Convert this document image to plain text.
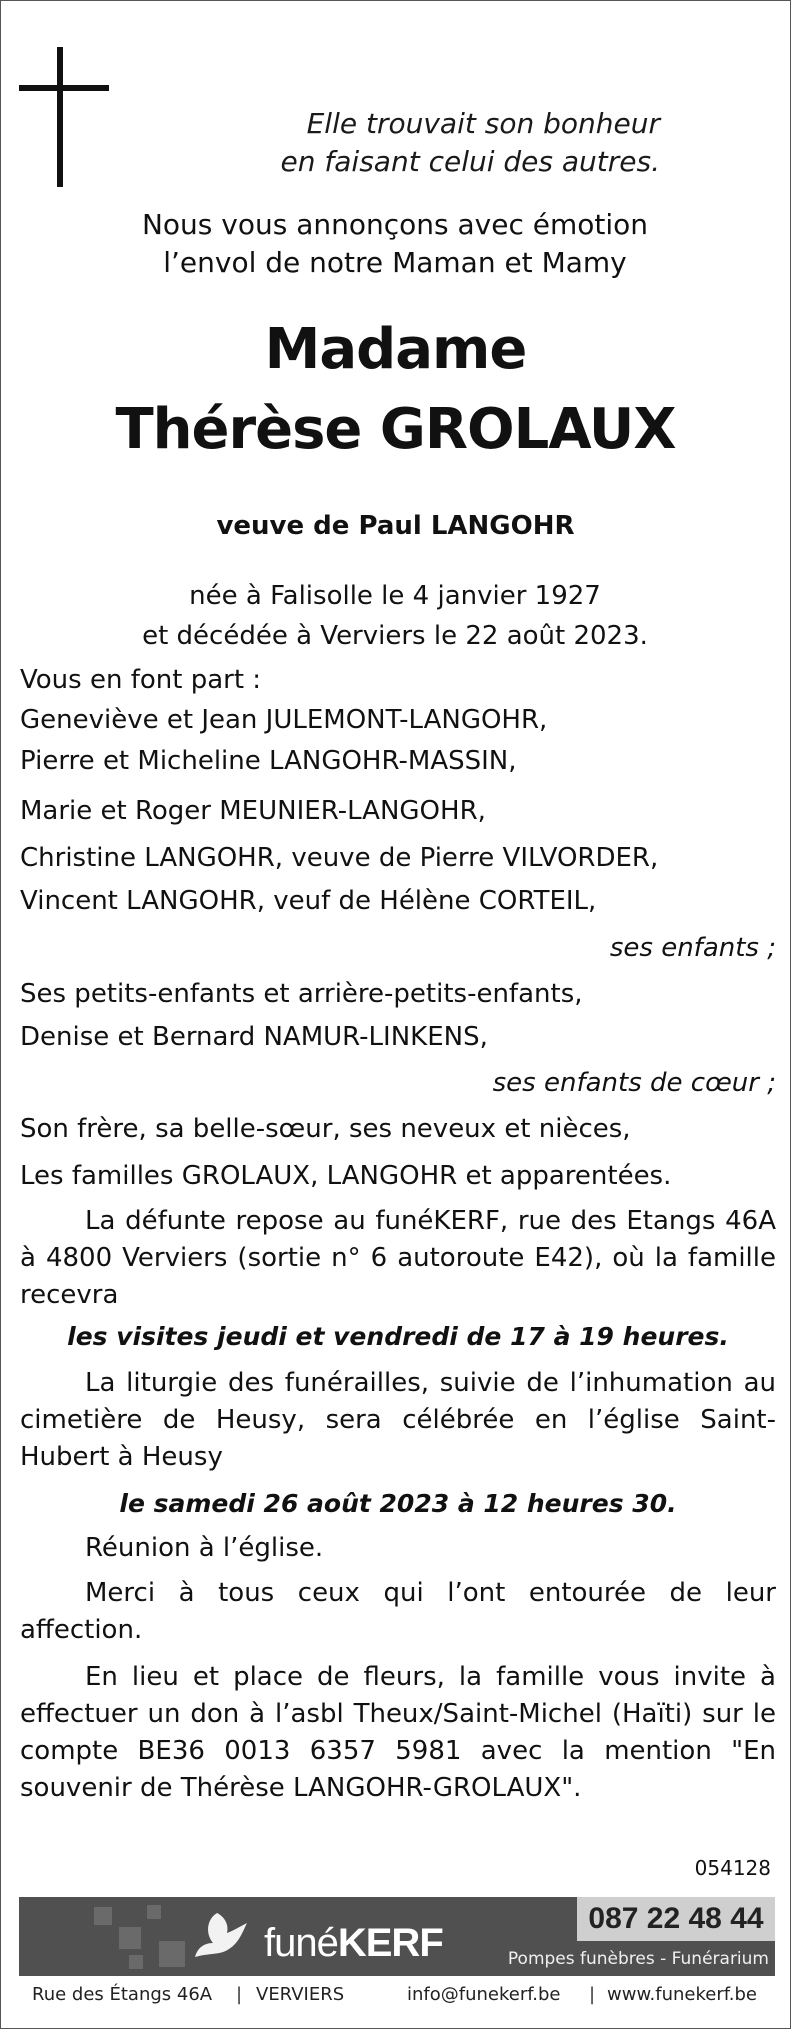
Elle trouvait son bonheur
en faisant celui des autres.
Nous vous annonçons avec émotion
l’envol de notre Maman et Mamy
Madame
Thérèse GROLAUX
veuve de Paul LANGOHR
née à Falisolle le 4 janvier 1927
et décédée à Verviers le 22 août 2023.
Vous en font part :
Geneviève et Jean JULEMONT-LANGOHR,
Pierre et Micheline LANGOHR-MASSIN,
Marie et Roger MEUNIER-LANGOHR,
Christine LANGOHR, veuve de Pierre VILVORDER,
Vincent LANGOHR, veuf de Hélène CORTEIL,
ses enfants ;
Ses petits-enfants et arrière-petits-enfants,
Denise et Bernard NAMUR-LINKENS,
ses enfants de cœur ;
Son frère, sa belle-sœur, ses neveux et nièces,
Les familles GROLAUX, LANGOHR et apparentées.
La défunte repose au funéKERF, rue des Etangs 46A à 4800 Verviers (sortie n° 6 autoroute E42), où la famille recevra
les visites jeudi et vendredi de 17 à 19 heures.
La liturgie des funérailles, suivie de l’inhumation au cimetière de Heusy, sera célébrée en l’église Saint-Hubert à Heusy
le samedi 26 août 2023 à 12 heures 30.
Réunion à l’église.
Merci à tous ceux qui l’ont entourée de leur affection.
En lieu et place de fleurs, la famille vous invite à effectuer un don à l’asbl Theux/Saint-Michel (Haïti) sur le compte BE36 0013 6357 5981 avec la mention "En souvenir de Thérèse LANGOHR-GROLAUX".
054128
funéKERF
087 22 48 44
Pompes funèbres - Funérarium
Rue des Étangs 46A | VERVIERS	info@funekerf.be | www.funekerf.be
